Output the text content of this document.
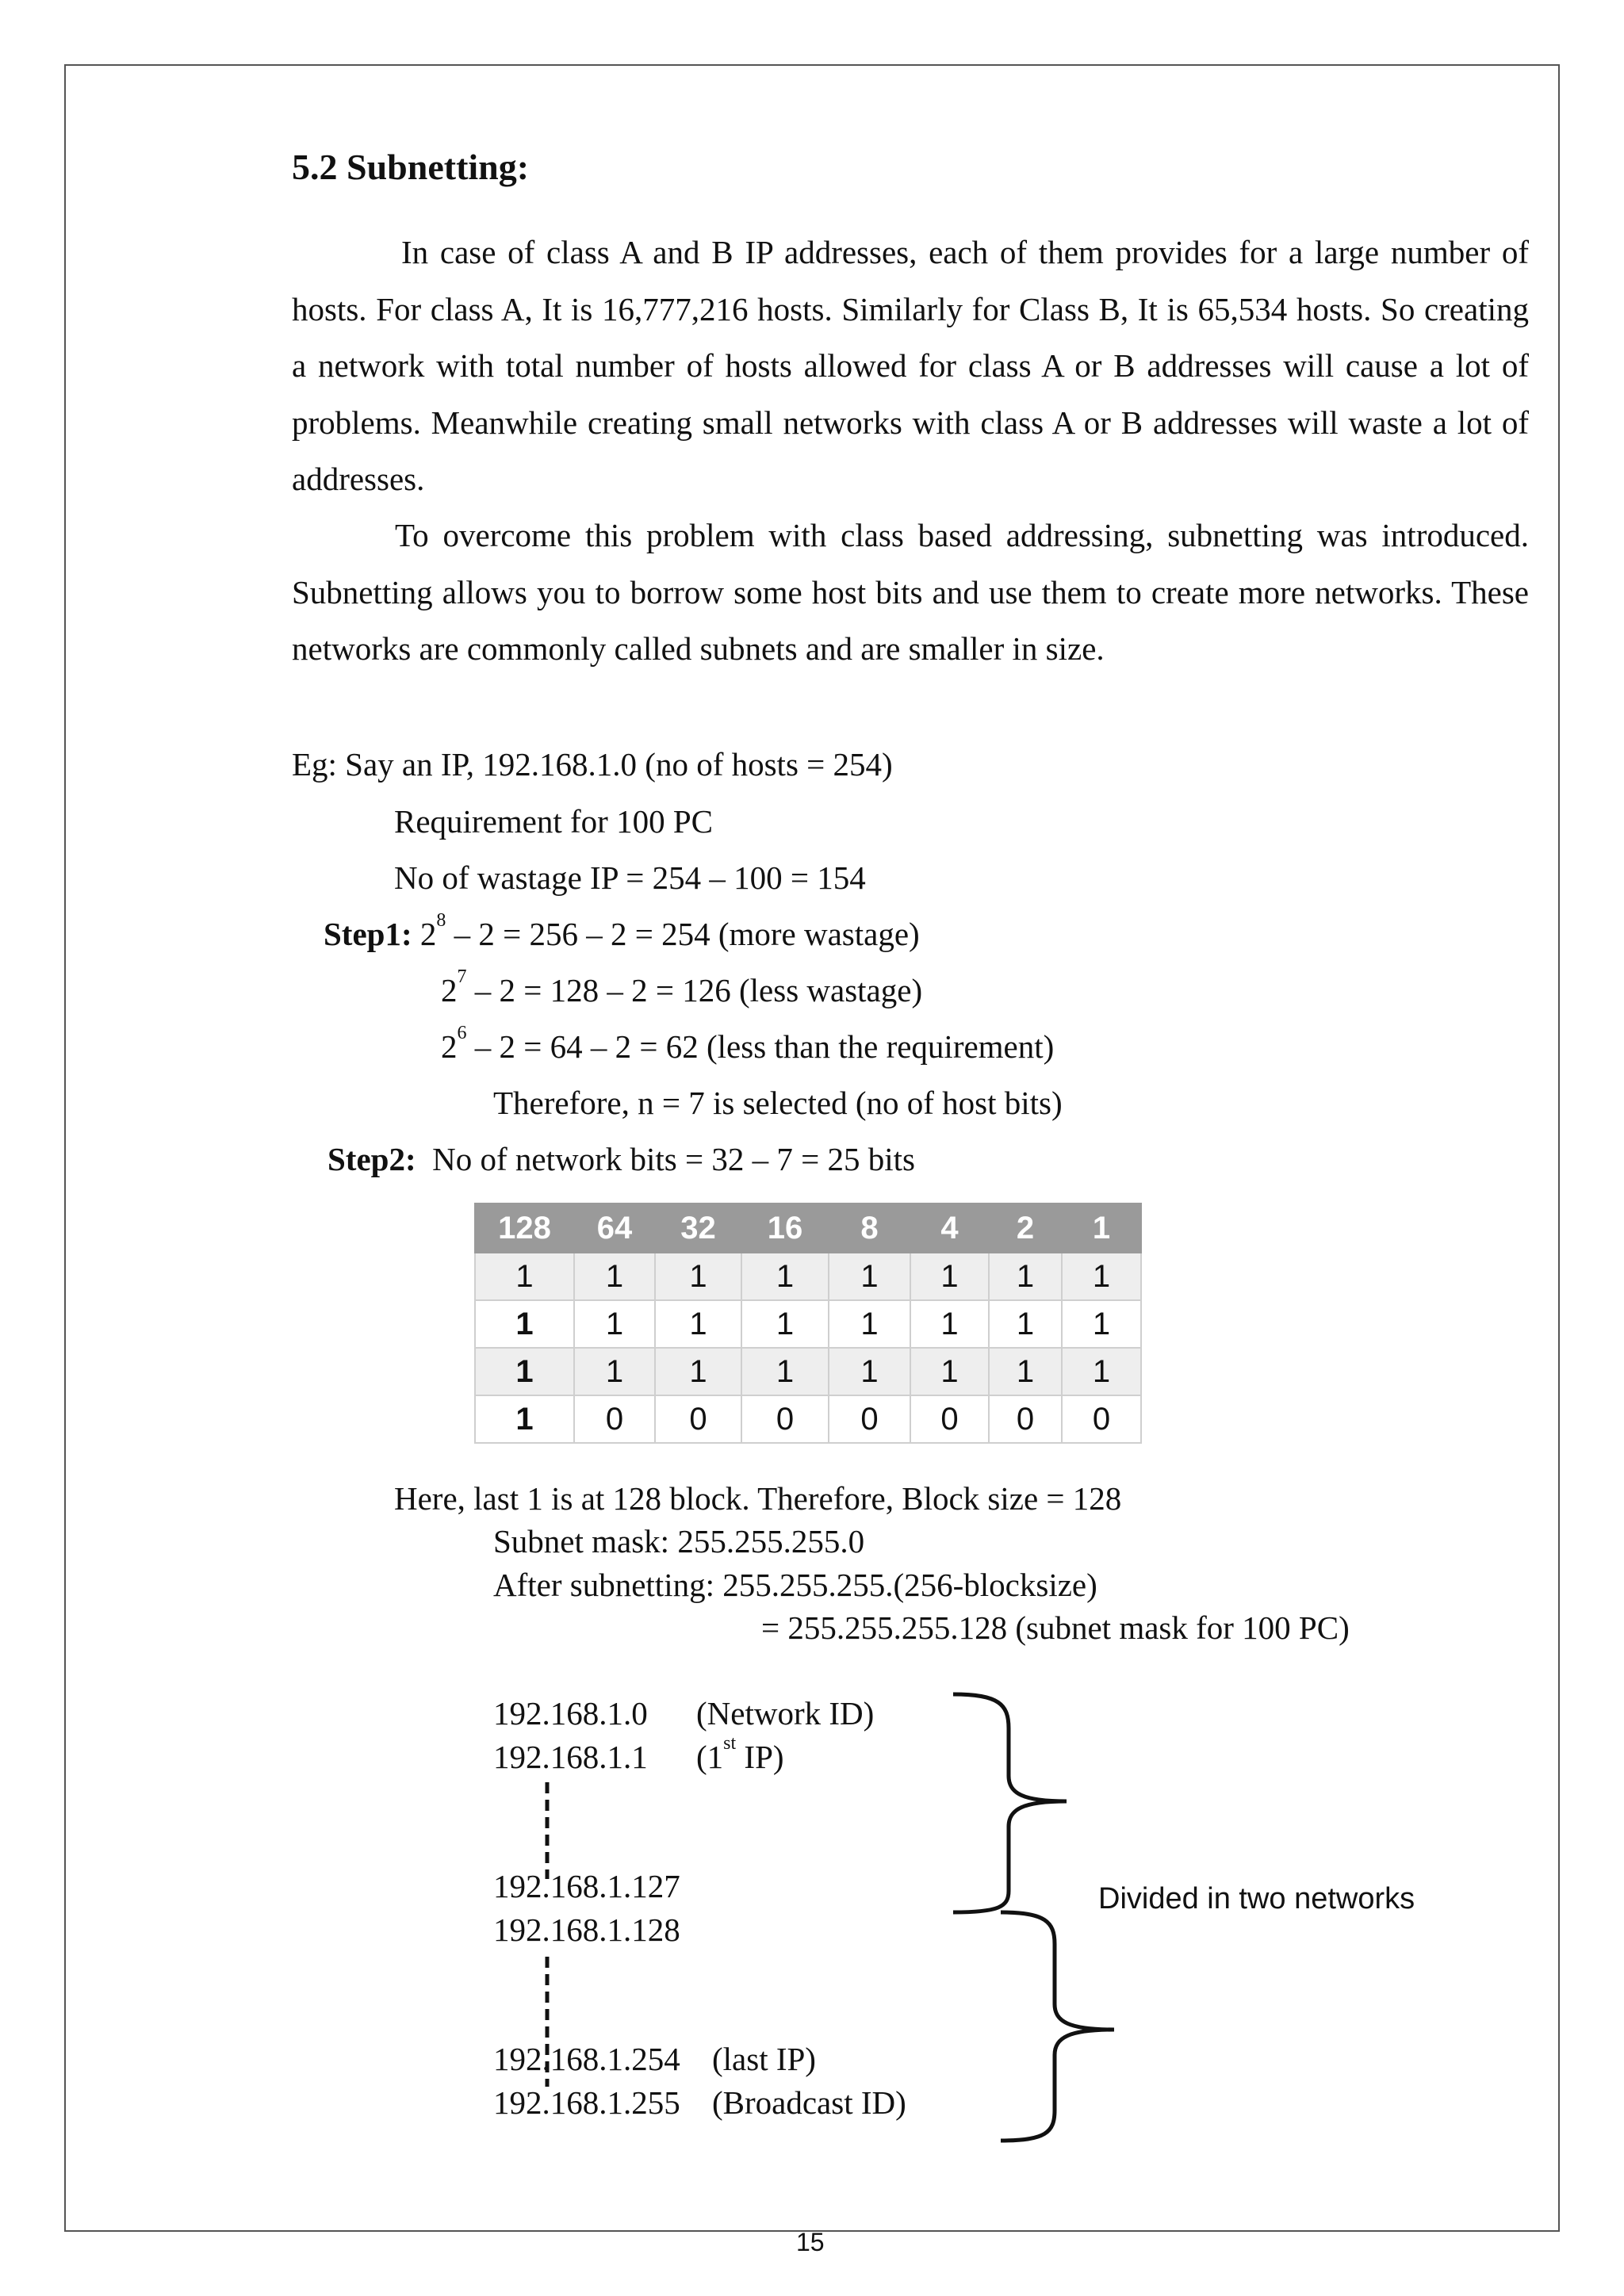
5.2 Subnetting:

In case of class A and B IP addresses, each of them provides for a large number of hosts. For class A, It is 16,777,216 hosts. Similarly for Class B, It is 65,534 hosts. So creating a network with total number of hosts allowed for class A or B addresses will cause a lot of problems. Meanwhile creating small networks with class A or B addresses will waste a lot of addresses.

To overcome this problem with class based addressing, subnetting was introduced. Subnetting allows you to borrow some host bits and use them to create more networks. These networks are commonly called subnets and are smaller in size.

Eg: Say an IP, 192.168.1.0 (no of hosts = 254)
Requirement for 100 PC
No of wastage IP = 254 – 100 = 154
Step1: $2^8 - 2 = 256 - 2 = 254$ (more wastage)
$2^7 - 2 = 128 - 2 = 126$ (less wastage)
$2^6 - 2 = 64 - 2 = 62$ (less than the requirement)
Therefore, n = 7 is selected (no of host bits)
Step2: No of network bits = 32 – 7 = 25 bits
128	64	32	16	8	4	2	1
1	1	1	1	1	1	1	1
1	1	1	1	1	1	1	1
1	1	1	1	1	1	1	1
1	0	0	0	0	0	0	0
Here, last 1 is at 128 block. Therefore, Block size = 128
Subnet mask: 255.255.255.0
After subnetting: 255.255.255.(256-blocksize)
= 255.255.255.128 (subnet mask for 100 PC)
192.168.1.0 (Network ID)
192.168.1.1 (1st IP)
192.168.1.127
192.168.1.128
192.168.1.254 (last IP)
192.168.1.255 (Broadcast ID)
Divided in two networks
15
